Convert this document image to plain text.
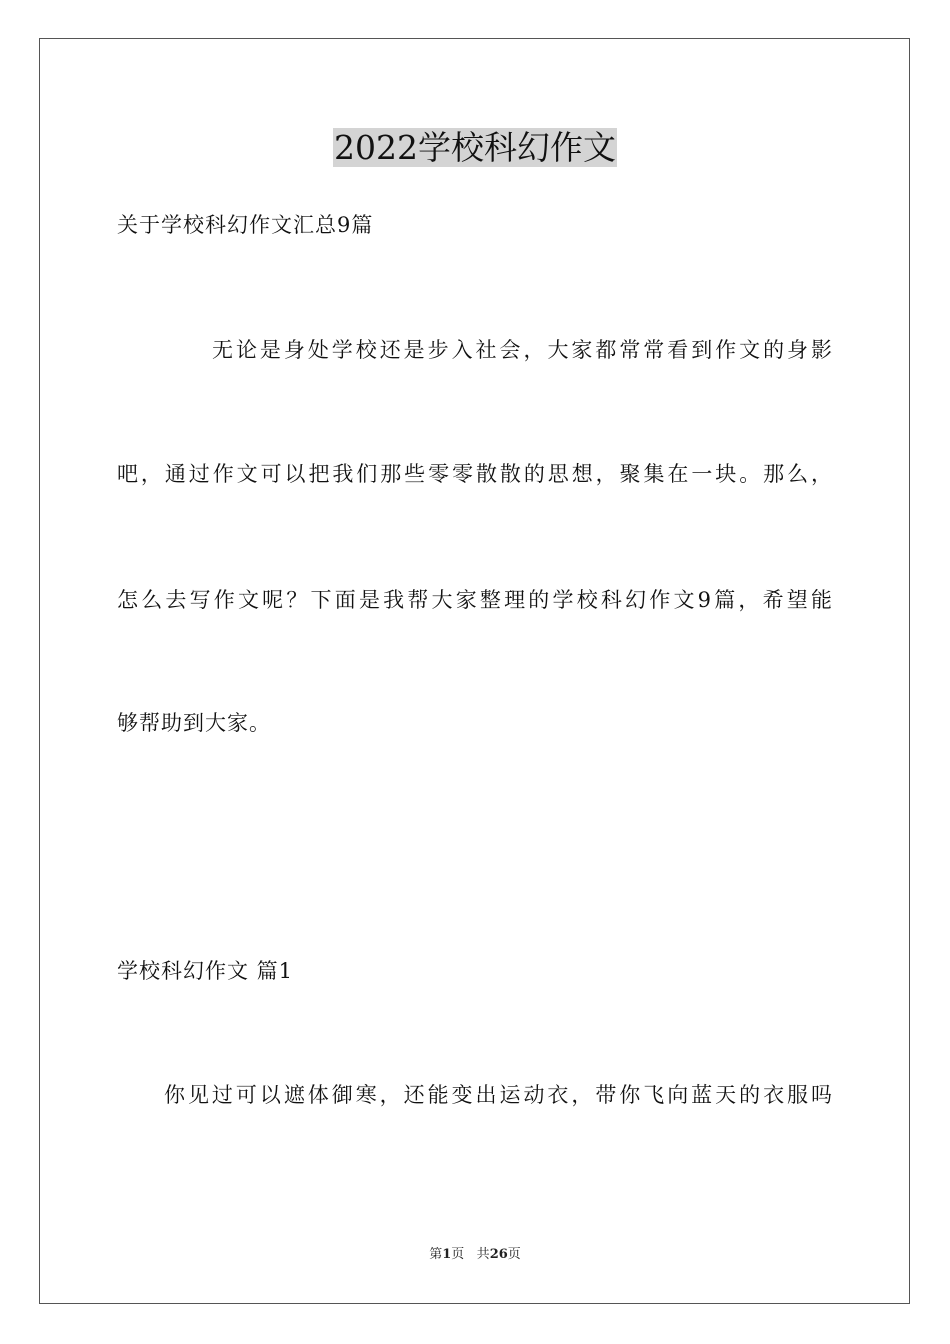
2022学校科幻作文
关于学校科幻作文汇总9篇
无论是身处学校还是步入社会，大家都常常看到作文的身影
吧，通过作文可以把我们那些零零散散的思想，聚集在一块。那么，
怎么去写作文呢？下面是我帮大家整理的学校科幻作文9篇，希望能
够帮助到大家。
学校科幻作文 篇1
你见过可以遮体御寒，还能变出运动衣，带你飞向蓝天的衣服吗
第1页 共26页
